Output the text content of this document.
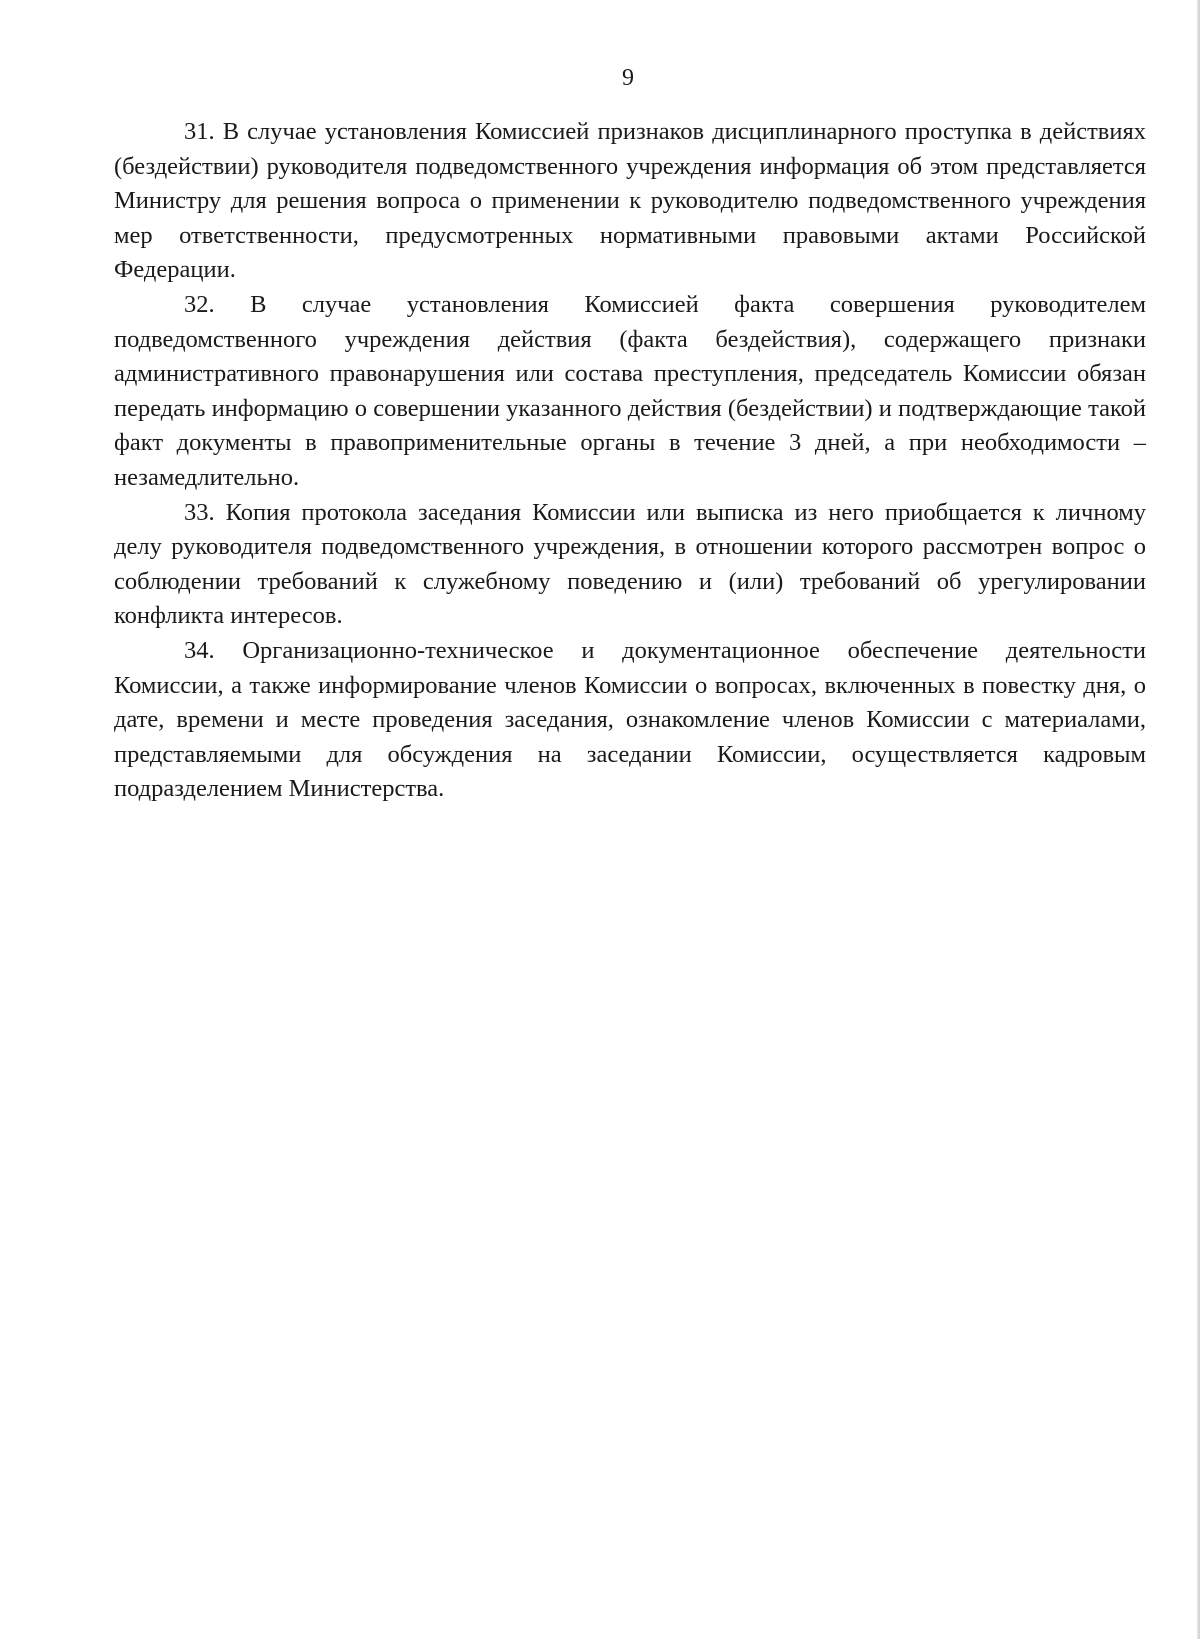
9

31. В случае установления Комиссией признаков дисциплинарного проступка в действиях (бездействии) руководителя подведомственного учреждения информация об этом представляется Министру для решения вопроса о применении к руководителю подведомственного учреждения мер ответственности, предусмотренных нормативными правовыми актами Российской Федерации.

32. В случае установления Комиссией факта совершения руководителем подведомственного учреждения действия (факта бездействия), содержащего признаки административного правонарушения или состава преступления, председатель Комиссии обязан передать информацию о совершении указанного действия (бездействии) и подтверждающие такой факт документы в правоприменительные органы в течение 3 дней, а при необходимости – незамедлительно.

33. Копия протокола заседания Комиссии или выписка из него приобщается к личному делу руководителя подведомственного учреждения, в отношении которого рассмотрен вопрос о соблюдении требований к служебному поведению и (или) требований об урегулировании конфликта интересов.

34. Организационно-техническое и документационное обеспечение деятельности Комиссии, а также информирование членов Комиссии о вопросах, включенных в повестку дня, о дате, времени и месте проведения заседания, ознакомление членов Комиссии с материалами, представляемыми для обсуждения на заседании Комиссии, осуществляется кадровым подразделением Министерства.
